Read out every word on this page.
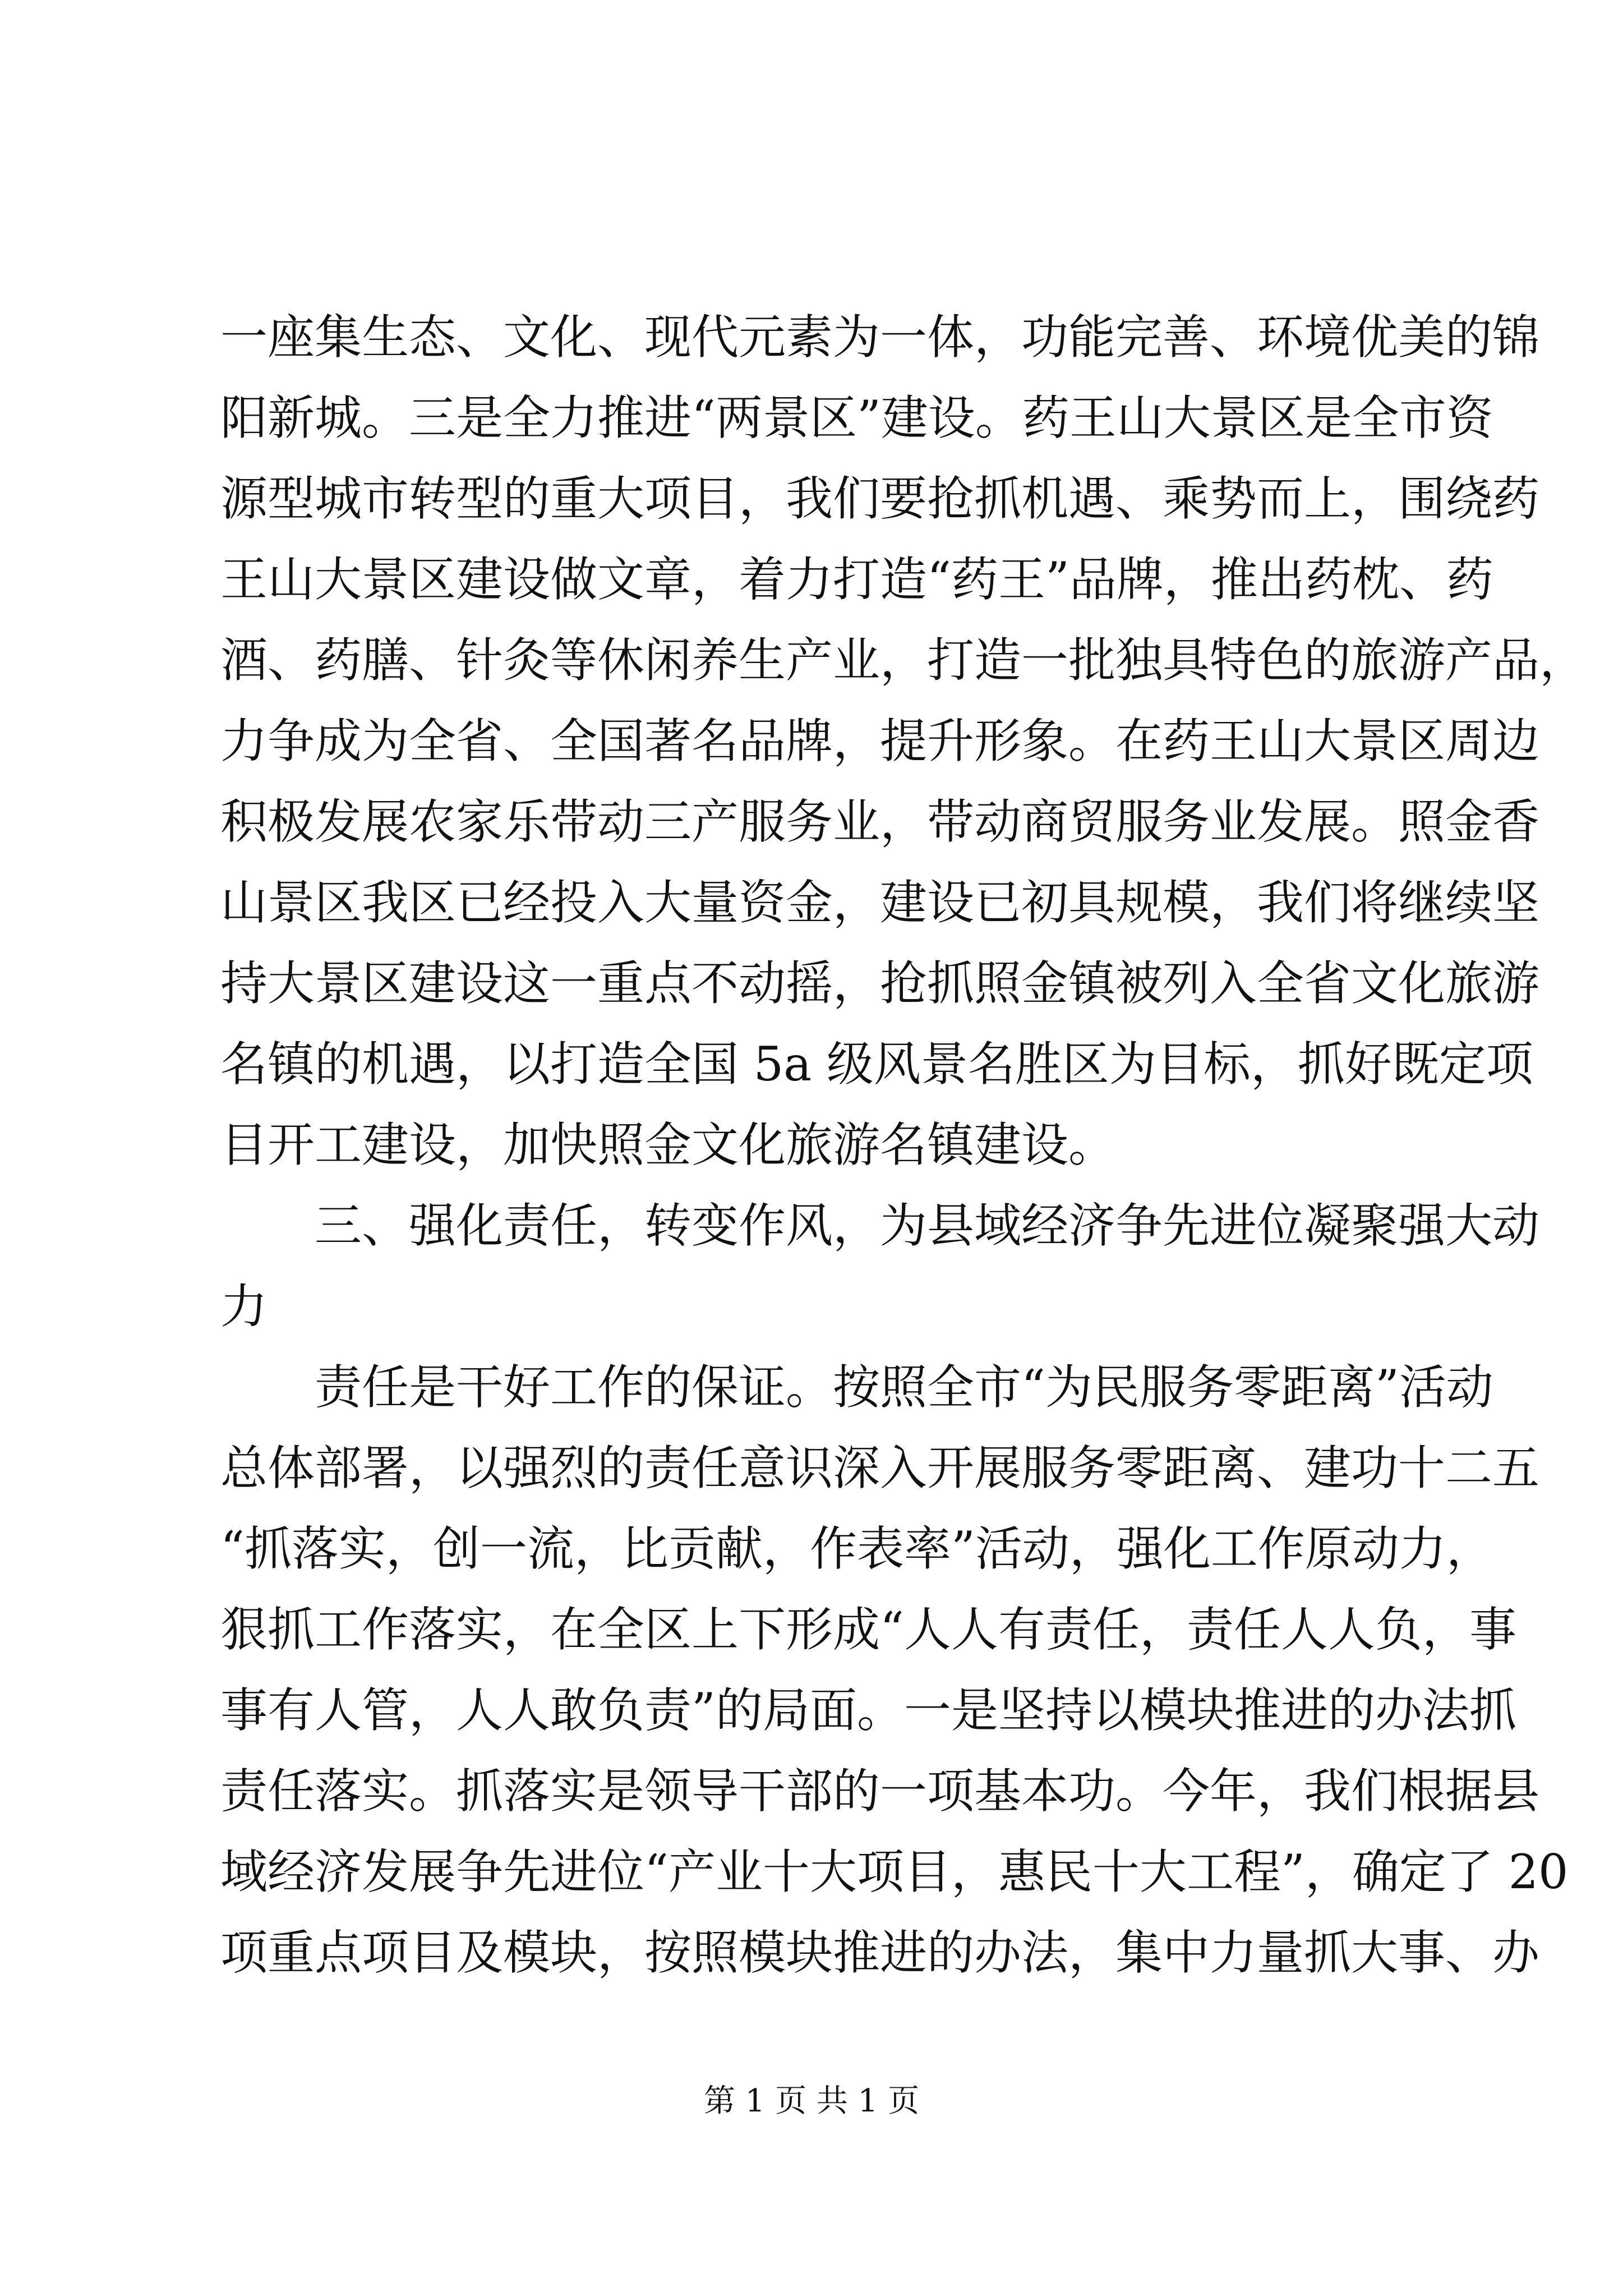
一座集生态、文化、现代元素为一体，功能完善、环境优美的锦
阳新城。三是全力推进“两景区”建设。药王山大景区是全市资
源型城市转型的重大项目，我们要抢抓机遇、乘势而上，围绕药
王山大景区建设做文章，着力打造“药王”品牌，推出药枕、药
酒、药膳、针灸等休闲养生产业，打造一批独具特色的旅游产品，
力争成为全省、全国著名品牌，提升形象。在药王山大景区周边
积极发展农家乐带动三产服务业，带动商贸服务业发展。照金香
山景区我区已经投入大量资金，建设已初具规模，我们将继续坚
持大景区建设这一重点不动摇，抢抓照金镇被列入全省文化旅游
名镇的机遇，以打造全国 5a 级风景名胜区为目标，抓好既定项
目开工建设，加快照金文化旅游名镇建设。
三、强化责任，转变作风，为县域经济争先进位凝聚强大动
力
责任是干好工作的保证。按照全市“为民服务零距离”活动
总体部署，以强烈的责任意识深入开展服务零距离、建功十二五
“抓落实，创一流，比贡献，作表率”活动，强化工作原动力，
狠抓工作落实，在全区上下形成“人人有责任，责任人人负，事
事有人管，人人敢负责”的局面。一是坚持以模块推进的办法抓
责任落实。抓落实是领导干部的一项基本功。今年，我们根据县
域经济发展争先进位“产业十大项目，惠民十大工程”，确定了 20
项重点项目及模块，按照模块推进的办法，集中力量抓大事、办
第 1 页 共 1 页
